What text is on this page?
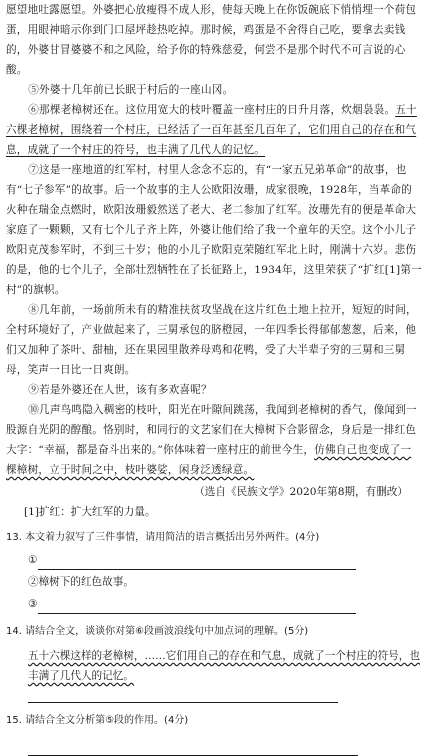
愿望地吐露愿望。外婆把心放瘦得不成人形，使每天晚上在你饭碗底下悄悄埋一个荷包蛋，用眼神暗示你到门口屋坪趁热吃掉。那时候，鸡蛋是不舍得自己吃，要拿去卖钱的，外婆甘冒婆婆不和之风险，给予你的特殊慈爱，何尝不是那个时代不可言说的心酸。

⑤外婆十几年前已长眠于村后的一座山冈。

⑥那棵老樟树还在。这位用宽大的枝叶覆盖一座村庄的日升月落，炊烟袅袅。五十六棵老樟树，围绕着一个村庄，已经活了一百年甚至几百年了，它们用自己的存在和气息，成就了一个村庄的符号，也丰满了几代人的记忆。

⑦这是一座地道的红军村，村里人念念不忘的，有“一家五兄弟革命”的故事，也有“七子参军”的故事。后一个故事的主人公欧阳汝珊，成家很晚，1928年，当革命的火种在瑞金点燃时，欧阳汝珊毅然送了老大、老二参加了红军。汝珊先有的便是革命大家庭了一颗颗，又有七个儿子齐上阵，外婆让他们给了我一个童年的天空。这个小儿子欧阳克茂参军时，不到三十岁；他的小儿子欧阳克荣随红军北上时，刚满十六岁。悲伤的是，他的七个儿子，全部壮烈牺牲在了长征路上，1934年，这里荣获了“扩红[1]第一村”的旗帜。

⑧几年前，一场前所未有的精准扶贫攻坚战在这片红色土地上拉开，短短的时间，全村环境好了，产业做起来了，三舅承包的脐橙园，一年四季长得郁郁葱葱，后来，他们又加种了茶叶、甜柚，还在果园里散养母鸡和花鸭，受了大半辈子穷的三舅和三舅母，笑声一日比一日爽朗。

⑨若是外婆还在人世，该有多欢喜呢？

⑩几声鸟鸣隐入稠密的枝叶，阳光在叶隙间跳荡，我闻到老樟树的香气，像闻到一股源自光阴的醇酿。恪别时，和同行的文艺家们在大樟树下合影留念，身后是一排红色大字：“幸福，都是奋斗出来的。”你体味着一座村庄的前世今生，仿佛自己也变成了一棵樟树，立于时间之中，枝叶婆娑，闲身泛透绿意。

（选自《民族文学》2020年第8期，有删改）

[1]扩红：扩大红军的力量。

13. 本文着力叙写了三件事情，请用简洁的语言概括出另外两件。(4分)

①
②樟树下的红色故事。
③

14. 请结合全文，谈谈你对第⑥段画波浪线句中加点词的理解。(5分)

五十六棵这样的老樟树，……它们用自己的存在和气息，成就了一个村庄的符号，也丰满了几代人的记忆。

15. 请结合全文分析第⑤段的作用。(4分)
